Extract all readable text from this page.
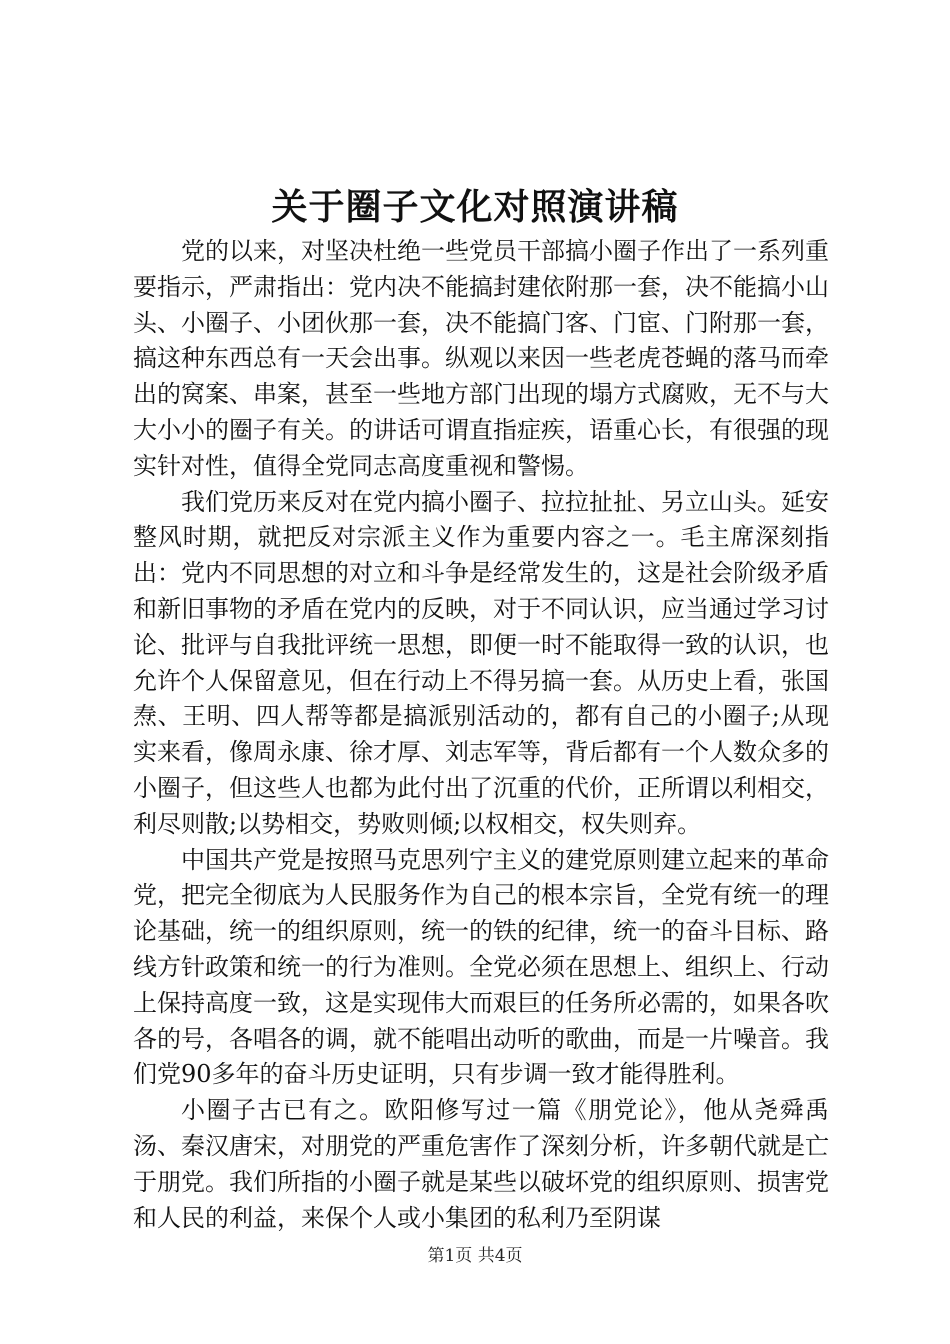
关于圈子文化对照演讲稿

党的以来，对坚决杜绝一些党员干部搞小圈子作出了一系列重要指示，严肃指出：党内决不能搞封建依附那一套，决不能搞小山头、小圈子、小团伙那一套，决不能搞门客、门宦、门附那一套，搞这种东西总有一天会出事。纵观以来因一些老虎苍蝇的落马而牵出的窝案、串案，甚至一些地方部门出现的塌方式腐败，无不与大大小小的圈子有关。的讲话可谓直指症疾，语重心长，有很强的现实针对性，值得全党同志高度重视和警惕。

我们党历来反对在党内搞小圈子、拉拉扯扯、另立山头。延安整风时期，就把反对宗派主义作为重要内容之一。毛主席深刻指出：党内不同思想的对立和斗争是经常发生的，这是社会阶级矛盾和新旧事物的矛盾在党内的反映，对于不同认识，应当通过学习讨论、批评与自我批评统一思想，即便一时不能取得一致的认识，也允许个人保留意见，但在行动上不得另搞一套。从历史上看，张国焘、王明、四人帮等都是搞派别活动的，都有自己的小圈子;从现实来看，像周永康、徐才厚、刘志军等，背后都有一个人数众多的小圈子，但这些人也都为此付出了沉重的代价，正所谓以利相交，利尽则散;以势相交，势败则倾;以权相交，权失则弃。

中国共产党是按照马克思列宁主义的建党原则建立起来的革命党，把完全彻底为人民服务作为自己的根本宗旨，全党有统一的理论基础，统一的组织原则，统一的铁的纪律，统一的奋斗目标、路线方针政策和统一的行为准则。全党必须在思想上、组织上、行动上保持高度一致，这是实现伟大而艰巨的任务所必需的，如果各吹各的号，各唱各的调，就不能唱出动听的歌曲，而是一片噪音。我们党90多年的奋斗历史证明，只有步调一致才能得胜利。

小圈子古已有之。欧阳修写过一篇《朋党论》，他从尧舜禹汤、秦汉唐宋，对朋党的严重危害作了深刻分析，许多朝代就是亡于朋党。我们所指的小圈子就是某些以破坏党的组织原则、损害党和人民的利益，来保个人或小集团的私利乃至阴谋

第1页 共4页
